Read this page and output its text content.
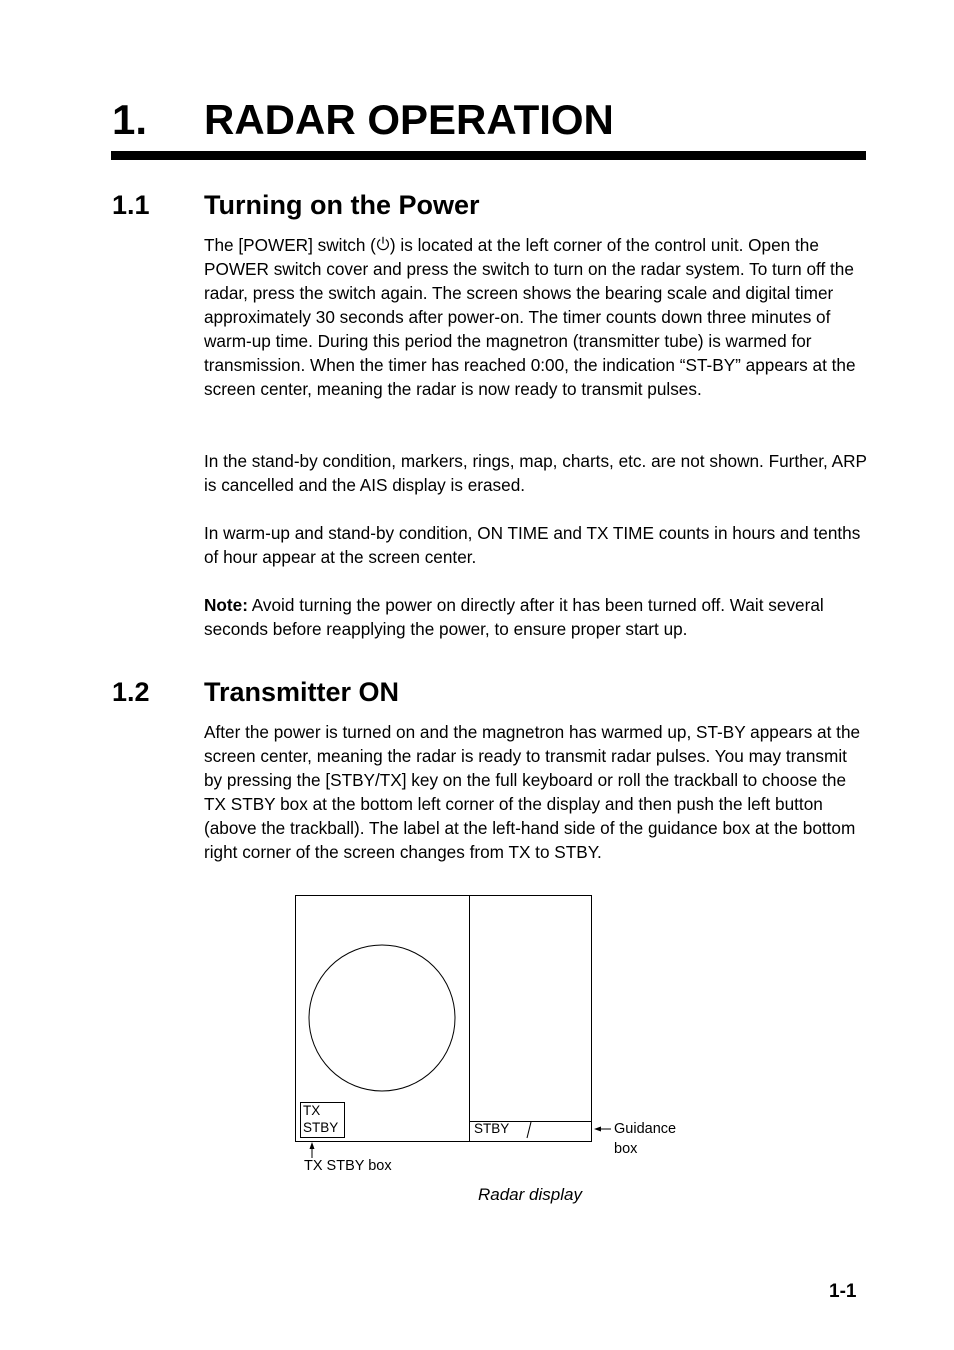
1. RADAR OPERATION
1.1 Turning on the Power

The [POWER] switch ( ) is located at the left corner of the control unit. Open the POWER switch cover and press the switch to turn on the radar system. To turn off the radar, press the switch again. The screen shows the bearing scale and digital timer approximately 30 seconds after power-on. The timer counts down three minutes of warm-up time. During this period the magnetron (transmitter tube) is warmed for transmission. When the timer has reached 0:00, the indication “ST-BY” appears at the screen center, meaning the radar is now ready to transmit pulses.

In the stand-by condition, markers, rings, map, charts, etc. are not shown. Further, ARP is cancelled and the AIS display is erased.

In warm-up and stand-by condition, ON TIME and TX TIME counts in hours and tenths of hour appear at the screen center.

Note: Avoid turning the power on directly after it has been turned off. Wait several seconds before reapplying the power, to ensure proper start up.

1.2 Transmitter ON

After the power is turned on and the magnetron has warmed up, ST-BY appears at the screen center, meaning the radar is ready to transmit radar pulses. You may transmit by pressing the [STBY/TX] key on the full keyboard or roll the trackball to choose the TX STBY box at the bottom left corner of the display and then push the left button (above the trackball). The label at the left-hand side of the guidance box at the bottom right corner of the screen changes from TX to STBY.

TX
STBY	STBY	Guidance
box
TX STBY box
Radar display
1-1
